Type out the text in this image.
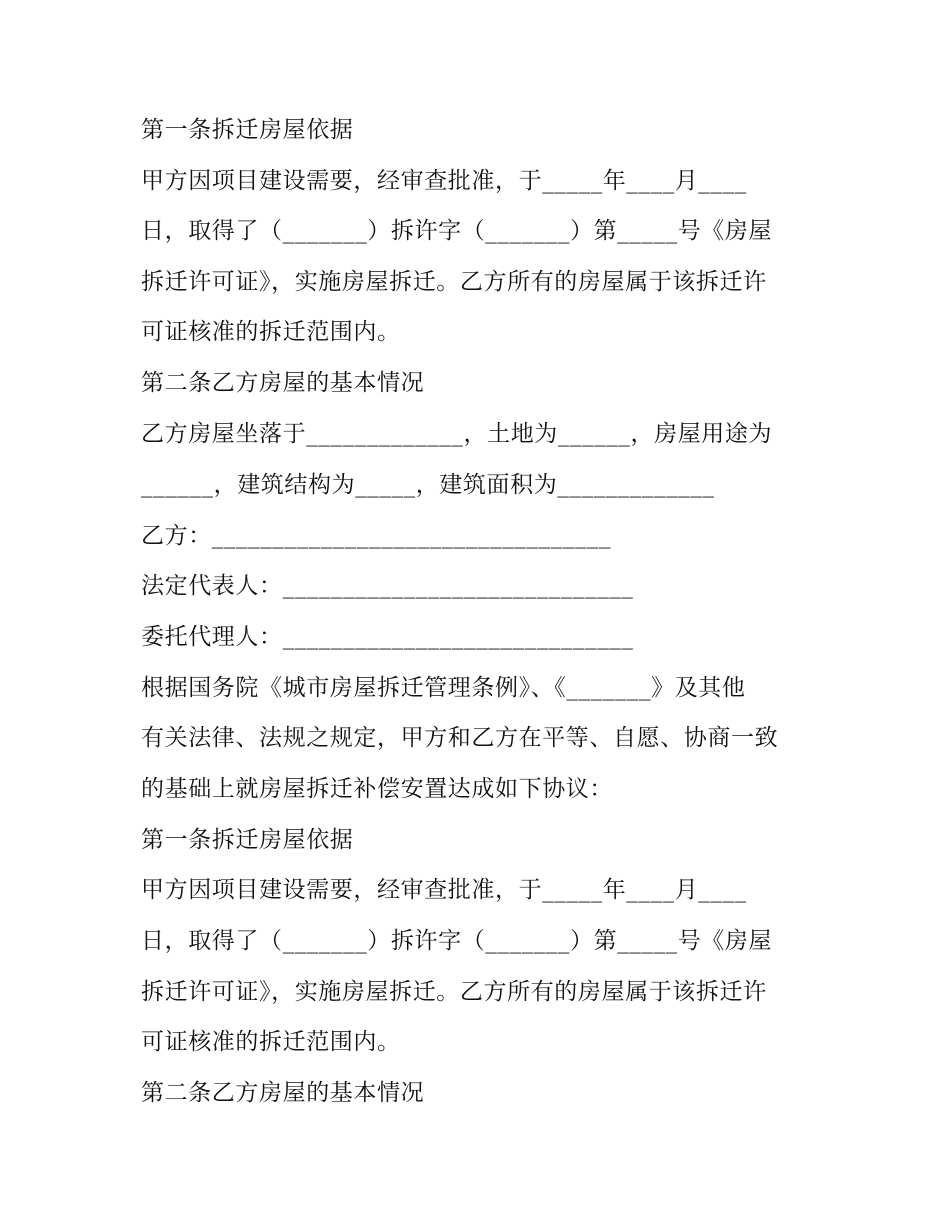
第一条拆迁房屋依据
甲方因项目建设需要，经审查批准，于_____年____月____
日，取得了（_______）拆许字（_______）第_____号《房屋
拆迁许可证》，实施房屋拆迁。乙方所有的房屋属于该拆迁许
可证核准的拆迁范围内。
第二条乙方房屋的基本情况
乙方房屋坐落于_____________，土地为______，房屋用途为
______，建筑结构为_____，建筑面积为_____________
乙方：_________________________________
法定代表人：_____________________________
委托代理人：_____________________________
根据国务院《城市房屋拆迁管理条例》、《_______》及其他
有关法律、法规之规定，甲方和乙方在平等、自愿、协商一致
的基础上就房屋拆迁补偿安置达成如下协议：
第一条拆迁房屋依据
甲方因项目建设需要，经审查批准，于_____年____月____
日，取得了（_______）拆许字（_______）第_____号《房屋
拆迁许可证》，实施房屋拆迁。乙方所有的房屋属于该拆迁许
可证核准的拆迁范围内。
第二条乙方房屋的基本情况
